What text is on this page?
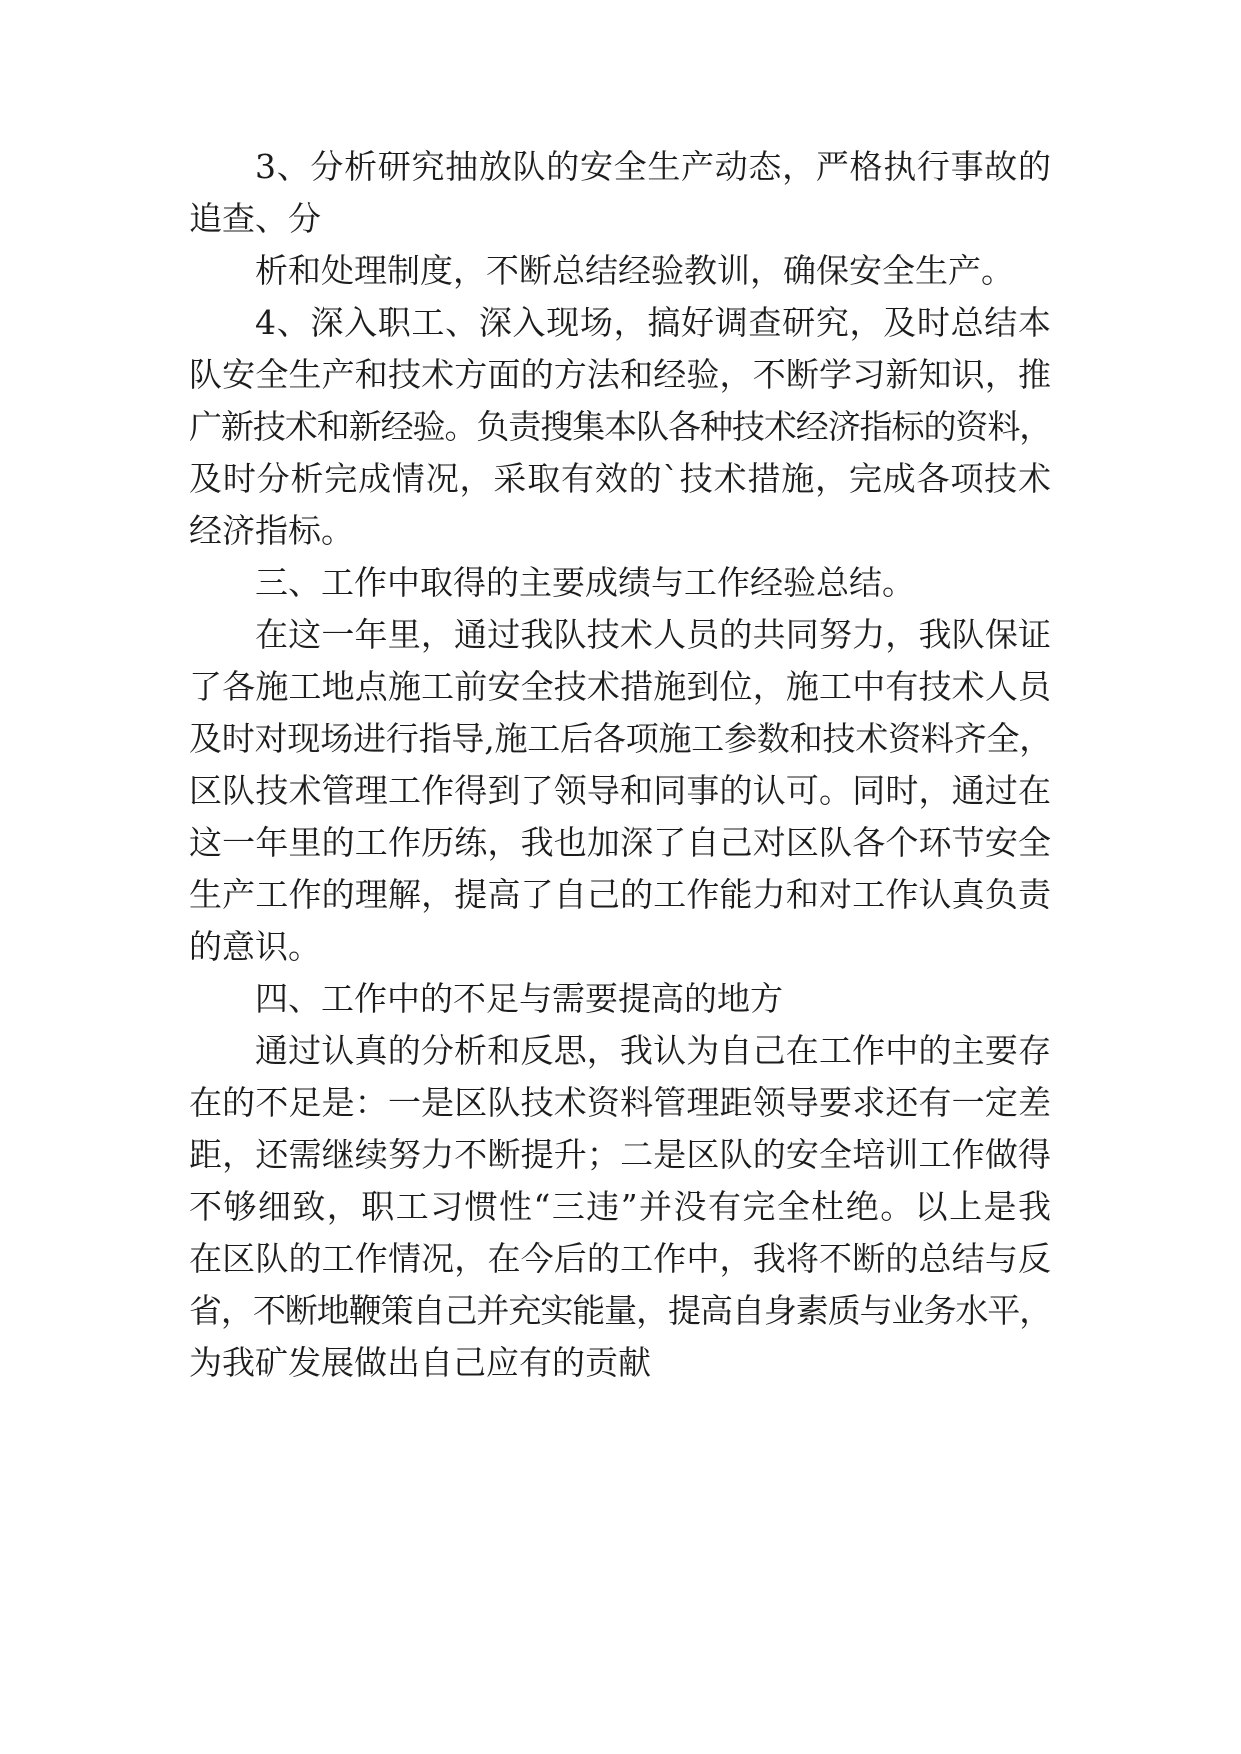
3、分析研究抽放队的安全生产动态，严格执行事故的
追查、分
析和处理制度，不断总结经验教训，确保安全生产。
4、深入职工、深入现场，搞好调查研究，及时总结本
队安全生产和技术方面的方法和经验，不断学习新知识，推
广新技术和新经验。负责搜集本队各种技术经济指标的资料，
及时分析完成情况，采取有效的`技术措施，完成各项技术
经济指标。
三、工作中取得的主要成绩与工作经验总结。
在这一年里，通过我队技术人员的共同努力，我队保证
了各施工地点施工前安全技术措施到位，施工中有技术人员
及时对现场进行指导,施工后各项施工参数和技术资料齐全，
区队技术管理工作得到了领导和同事的认可。同时，通过在
这一年里的工作历练，我也加深了自己对区队各个环节安全
生产工作的理解，提高了自己的工作能力和对工作认真负责
的意识。
四、工作中的不足与需要提高的地方
通过认真的分析和反思，我认为自己在工作中的主要存
在的不足是：一是区队技术资料管理距领导要求还有一定差
距，还需继续努力不断提升；二是区队的安全培训工作做得
不够细致，职工习惯性“三违”并没有完全杜绝。以上是我
在区队的工作情况，在今后的工作中，我将不断的总结与反
省，不断地鞭策自己并充实能量，提高自身素质与业务水平，
为我矿发展做出自己应有的贡献
